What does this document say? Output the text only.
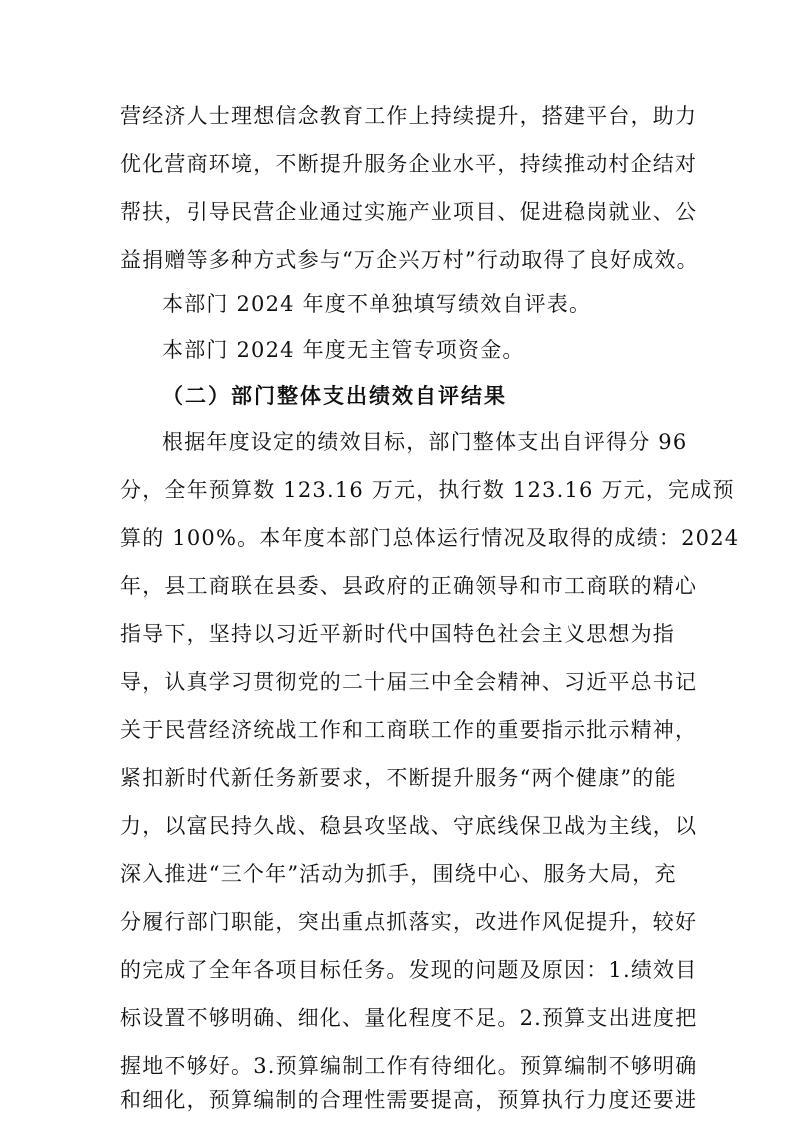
营经济人士理想信念教育工作上持续提升，搭建平台，助力
优化营商环境，不断提升服务企业水平，持续推动村企结对
帮扶，引导民营企业通过实施产业项目、促进稳岗就业、公
益捐赠等多种方式参与“万企兴万村”行动取得了良好成效。
本部门 2024 年度不单独填写绩效自评表。
本部门 2024 年度无主管专项资金。
（二）部门整体支出绩效自评结果
根据年度设定的绩效目标，部门整体支出自评得分 96
分，全年预算数 123.16 万元，执行数 123.16 万元，完成预
算的 100%。本年度本部门总体运行情况及取得的成绩：2024
年，县工商联在县委、县政府的正确领导和市工商联的精心
指导下，坚持以习近平新时代中国特色社会主义思想为指
导，认真学习贯彻党的二十届三中全会精神、习近平总书记
关于民营经济统战工作和工商联工作的重要指示批示精神，
紧扣新时代新任务新要求，不断提升服务“两个健康”的能
力，以富民持久战、稳县攻坚战、守底线保卫战为主线，以
深入推进“三个年”活动为抓手，围绕中心、服务大局，充
分履行部门职能，突出重点抓落实，改进作风促提升，较好
的完成了全年各项目标任务。发现的问题及原因：1.绩效目
标设置不够明确、细化、量化程度不足。2.预算支出进度把
握地不够好。3.预算编制工作有待细化。预算编制不够明确
和细化，预算编制的合理性需要提高，预算执行力度还要进
